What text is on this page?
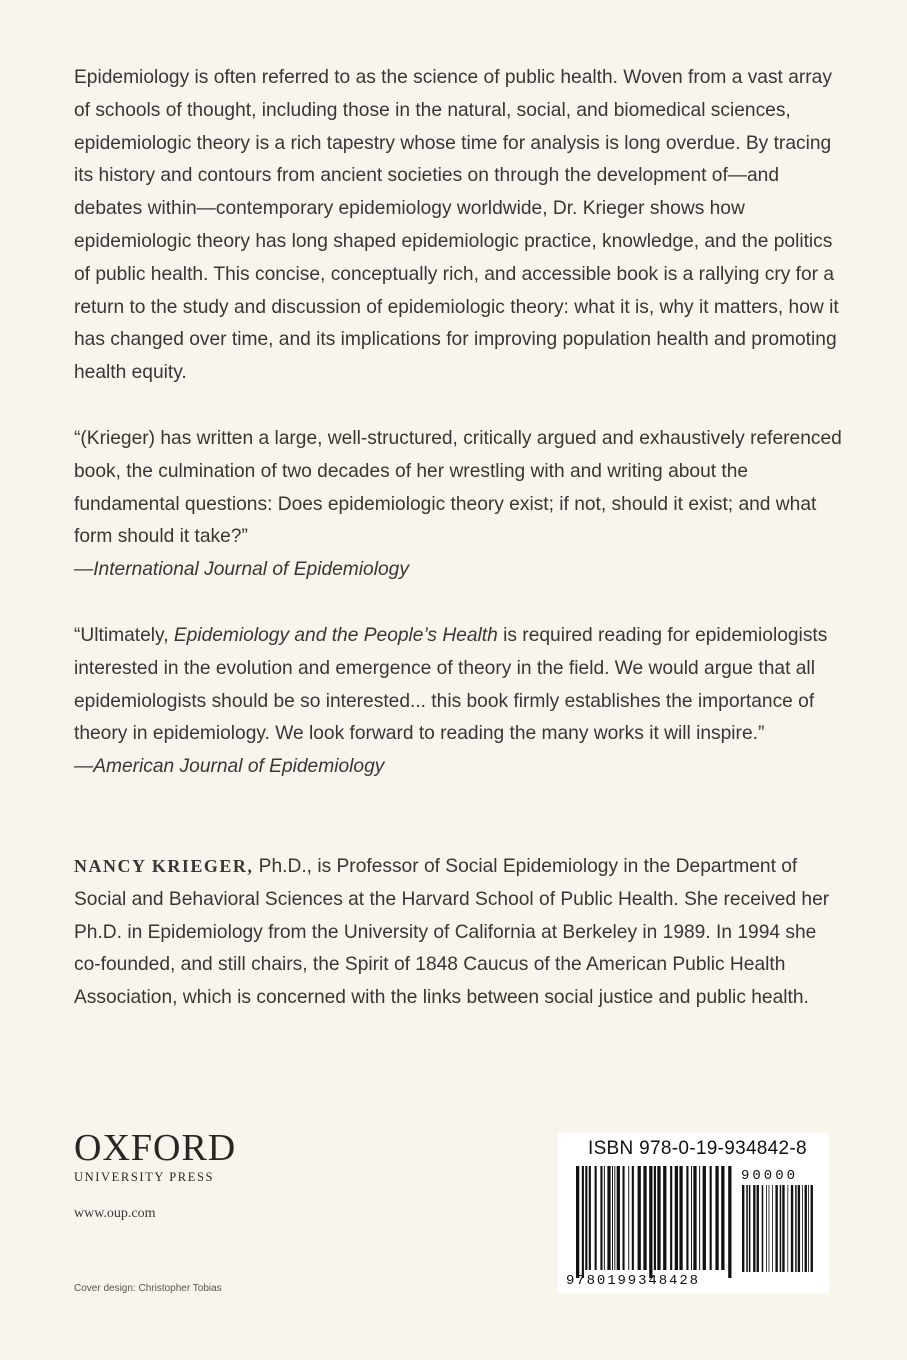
Epidemiology is often referred to as the science of public health. Woven from a vast array of schools of thought, including those in the natural, social, and biomedical sciences, epidemiologic theory is a rich tapestry whose time for analysis is long overdue. By tracing its history and contours from ancient societies on through the development of—and debates within—contemporary epidemiology worldwide, Dr. Krieger shows how epidemiologic theory has long shaped epidemiologic practice, knowledge, and the politics of public health. This concise, conceptually rich, and accessible book is a rallying cry for a return to the study and discussion of epidemiologic theory: what it is, why it matters, how it has changed over time, and its implications for improving population health and promoting health equity.

“(Krieger) has written a large, well-structured, critically argued and exhaustively referenced book, the culmination of two decades of her wrestling with and writing about the fundamental questions: Does epidemiologic theory exist; if not, should it exist; and what form should it take?”

—International Journal of Epidemiology

“Ultimately, Epidemiology and the People’s Health is required reading for epidemiologists interested in the evolution and emergence of theory in the field. We would argue that all epidemiologists should be so interested... this book firmly establishes the importance of theory in epidemiology. We look forward to reading the many works it will inspire.”

—American Journal of Epidemiology

NANCY KRIEGER, Ph.D., is Professor of Social Epidemiology in the Department of Social and Behavioral Sciences at the Harvard School of Public Health. She received her Ph.D. in Epidemiology from the University of California at Berkeley in 1989. In 1994 she co-founded, and still chairs, the Spirit of 1848 Caucus of the American Public Health Association, which is concerned with the links between social justice and public health.

OXFORD
UNIVERSITY PRESS
www.oup.com
Cover design: Christopher Tobias
ISBN 978-0-19-934842-8
90000
9780199348428
